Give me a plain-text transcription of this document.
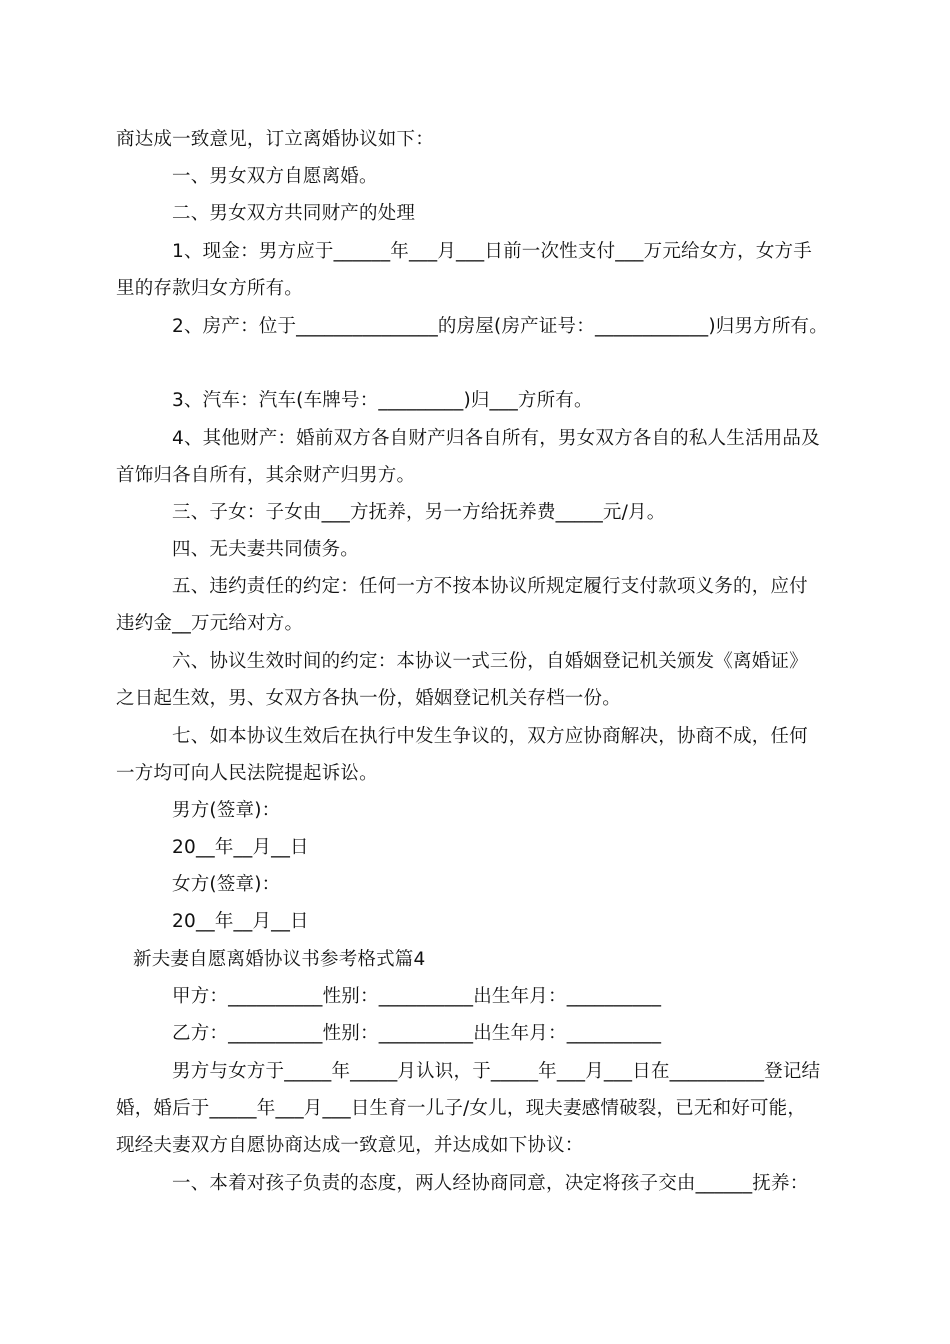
商达成一致意见，订立离婚协议如下：
一、男女双方自愿离婚。
二、男女双方共同财产的处理
1、现金：男方应于______年___月___日前一次性支付___万元给女方，女方手
里的存款归女方所有。
2、房产：位于_______________的房屋(房产证号：____________)归男方所有。
3、汽车：汽车(车牌号：_________)归___方所有。
4、其他财产：婚前双方各自财产归各自所有，男女双方各自的私人生活用品及
首饰归各自所有，其余财产归男方。
三、子女：子女由___方抚养，另一方给抚养费_____元/月。
四、无夫妻共同债务。
五、违约责任的约定：任何一方不按本协议所规定履行支付款项义务的，应付
违约金__万元给对方。
六、协议生效时间的约定：本协议一式三份，自婚姻登记机关颁发《离婚证》
之日起生效，男、女双方各执一份，婚姻登记机关存档一份。
七、如本协议生效后在执行中发生争议的，双方应协商解决，协商不成，任何
一方均可向人民法院提起诉讼。
男方(签章)：
20__年__月__日
女方(签章)：
20__年__月__日
新夫妻自愿离婚协议书参考格式篇4
甲方：__________性别：__________出生年月：__________
乙方：__________性别：__________出生年月：__________
男方与女方于_____年_____月认识，于_____年___月___日在__________登记结
婚，婚后于_____年___月___日生育一儿子/女儿，现夫妻感情破裂，已无和好可能，
现经夫妻双方自愿协商达成一致意见，并达成如下协议：
一、本着对孩子负责的态度，两人经协商同意，决定将孩子交由______抚养：
